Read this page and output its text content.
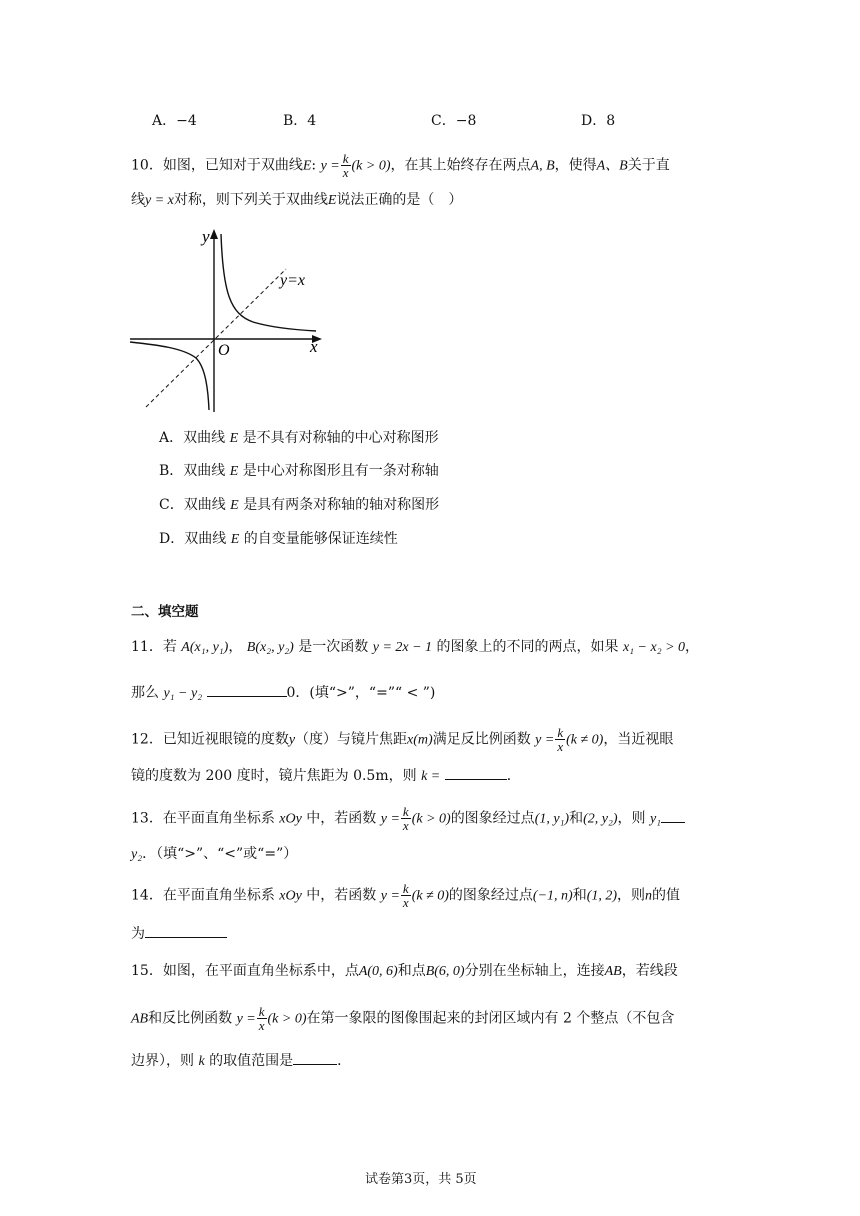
A．−4	B．4	C．−8	D．8
10．如图，已知对于双曲线E: $y = \frac{k}{x} (k > 0)$，在其上始终存在两点A, B，使得A、B关于直
线y = x对称，则下列关于双曲线E说法正确的是（　）
y
x
O
y=x
A．双曲线 E 是不具有对称轴的中心对称图形
B．双曲线 E 是中心对称图形且有一条对称轴
C．双曲线 E 是具有两条对称轴的轴对称图形
D．双曲线 E 的自变量能够保证连续性
二、填空题
11．若 A(x₁, y₁)， B(x₂, y₂) 是一次函数 y = 2x − 1 的图象上的不同的两点，如果 x₁ − x₂ > 0，
那么 y₁ − y₂	0．(填“>”，“=”“ < ”)
12．已知近视眼镜的度数y（度）与镜片焦距x(m)满足反比例函数 $y = \frac{k}{x} (k \ne 0)$，当近视眼
镜的度数为 200 度时，镜片焦距为 0.5m，则 k =	．
13．在平面直角坐标系 xOy 中，若函数 $y = \frac{k}{x} (k > 0)$的图象经过点(1, y₁)和(2, y₂)，则 y₁
y₂．（填“>”、“<”或“=”）
14．在平面直角坐标系 xOy 中，若函数 $y = \frac{k}{x} (k \ne 0)$的图象经过点(−1, n)和(1, 2)，则n的值
为
15．如图，在平面直角坐标系中，点A(0, 6)和点B(6, 0)分别在坐标轴上，连接AB，若线段
AB和反比例函数 $y = \frac{k}{x} (k > 0)$在第一象限的图像围起来的封闭区域内有 2 个整点（不包含
边界），则 k 的取值范围是	．
试卷第3页，共 5页
